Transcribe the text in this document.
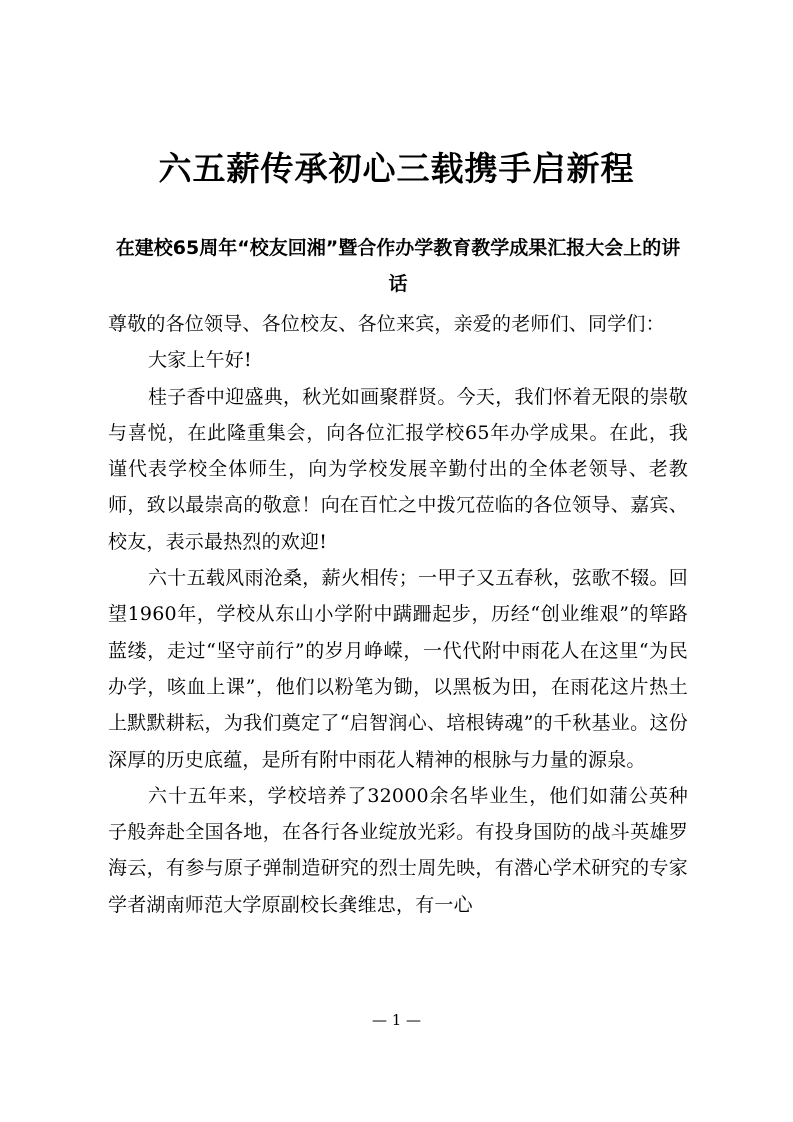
六五薪传承初心三载携手启新程

在建校65周年“校友回湘”暨合作办学教育教学成果汇报大会上的讲话

尊敬的各位领导、各位校友、各位来宾，亲爱的老师们、同学们：

大家上午好!

桂子香中迎盛典，秋光如画聚群贤。今天，我们怀着无限的崇敬与喜悦，在此隆重集会，向各位汇报学校65年办学成果。在此，我谨代表学校全体师生，向为学校发展辛勤付出的全体老领导、老教师，致以最崇高的敬意！向在百忙之中拨冗莅临的各位领导、嘉宾、校友，表示最热烈的欢迎!

六十五载风雨沧桑，薪火相传；一甲子又五春秋，弦歌不辍。回望1960年，学校从东山小学附中蹒跚起步，历经“创业维艰”的筚路蓝缕，走过“坚守前行”的岁月峥嵘，一代代附中雨花人在这里“为民办学，咳血上课”，他们以粉笔为锄，以黑板为田，在雨花这片热土上默默耕耘，为我们奠定了“启智润心、培根铸魂”的千秋基业。这份深厚的历史底蕴，是所有附中雨花人精神的根脉与力量的源泉。

六十五年来，学校培养了32000余名毕业生，他们如蒲公英种子般奔赴全国各地，在各行各业绽放光彩。有投身国防的战斗英雄罗海云，有参与原子弹制造研究的烈士周先映，有潜心学术研究的专家学者湖南师范大学原副校长龚维忠，有一心

— 1 —
